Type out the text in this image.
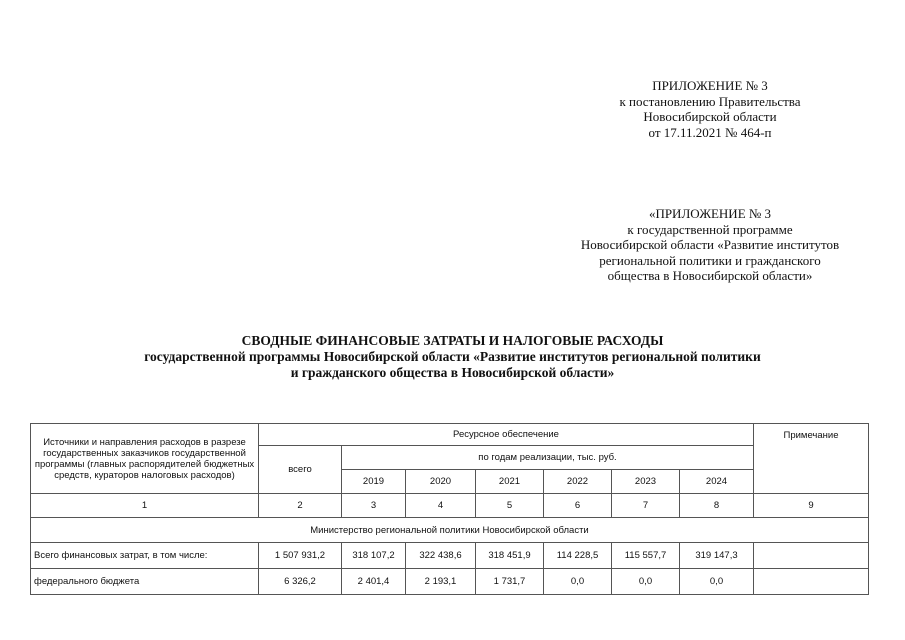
ПРИЛОЖЕНИЕ № 3
к постановлению Правительства
Новосибирской области
от 17.11.2021 № 464-п
«ПРИЛОЖЕНИЕ № 3
к государственной программе
Новосибирской области «Развитие институтов
региональной политики и гражданского
общества в Новосибирской области»
СВОДНЫЕ ФИНАНСОВЫЕ ЗАТРАТЫ И НАЛОГОВЫЕ РАСХОДЫ
государственной программы Новосибирской области «Развитие институтов региональной политики
и гражданского общества в Новосибирской области»
Источники и направления расходов в разрезе государственных заказчиков государственной программы (главных распорядителей бюджетных средств, кураторов налоговых расходов)	Ресурсное обеспечение							Примечание
	всего	по годам реализации, тыс. руб.						
		2019	2020	2021	2022	2023	2024	
1	2	3	4	5	6	7	8	9
Министерство региональной политики Новосибирской области								
Всего финансовых затрат, в том числе:	1 507 931,2	318 107,2	322 438,6	318 451,9	114 228,5	115 557,7	319 147,3	
федерального бюджета	6 326,2	2 401,4	2 193,1	1 731,7	0,0	0,0	0,0	
